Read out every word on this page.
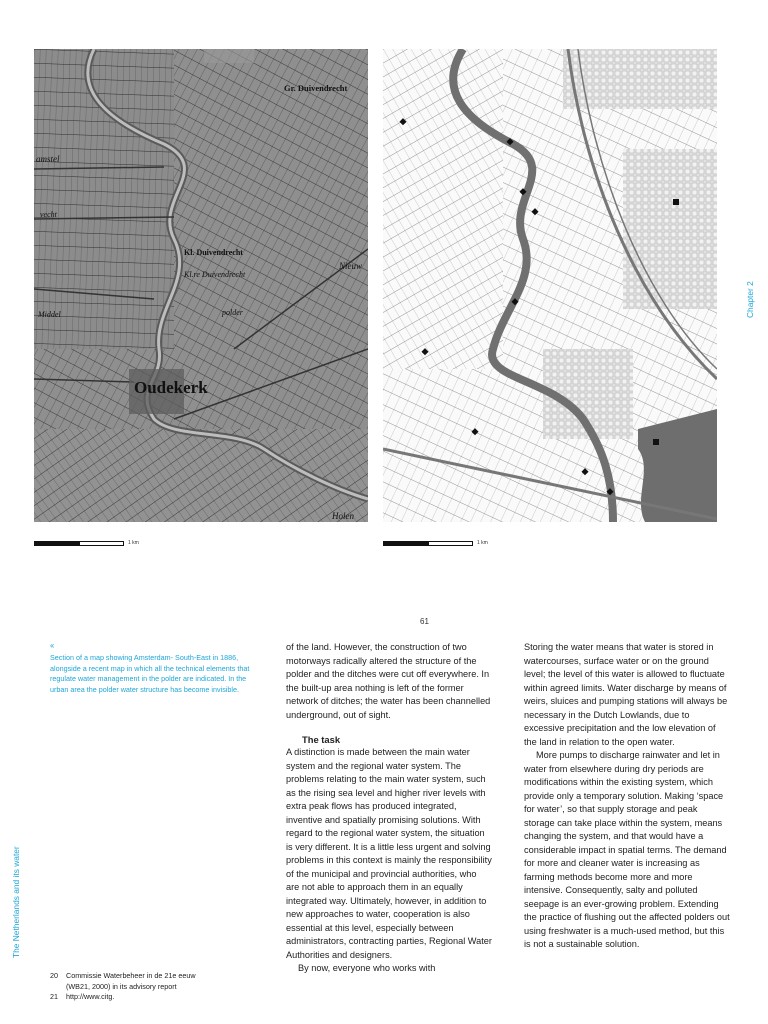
Oudekerk
Gr. Duivendrecht
Kl. Duivendrecht
Kl.re Duivendrecht
Nieuw
Middel	polder
vecht
amstel
Holen
1 km	1 km
61
‹‹
Section of a map showing Amsterdam- South-East in 1886, alongside a recent map in which all the technical elements that regulate water management in the polder are indicated. In the urban area the polder water structure has become invisible.

of the land. However, the construction of two motorways radically altered the structure of the polder and the ditches were cut off everywhere. In the built-up area nothing is left of the former network of ditches; the water has been channelled underground, out of sight.

The task

A distinction is made between the main water system and the regional water system. The problems relating to the main water system, such as the rising sea level and higher river levels with extra peak flows has produced integrated, inventive and spatially promising solutions. With regard to the regional water system, the situation is very different. It is a little less urgent and solving problems in this context is mainly the responsibility of the municipal and provincial authorities, who are not able to approach them in an equally integrated way. Ultimately, however, in addition to new approaches to water, cooperation is also essential at this level, especially between administrators, contracting parties, Regional Water Authorities and designers.

By now, everyone who works with

Storing the water means that water is stored in watercourses, surface water or on the ground level; the level of this water is allowed to fluctuate within agreed limits. Water discharge by means of weirs, sluices and pumping stations will always be necessary in the Dutch Lowlands, due to excessive precipitation and the low elevation of the land in relation to the open water.

More pumps to discharge rainwater and let in water from elsewhere during dry periods are modifications within the existing system, which provide only a temporary solution. Making ‘space for water’, so that supply storage and peak storage can take place within the system, means changing the system, and that would have a considerable impact in spatial terms. The demand for more and cleaner water is increasing as farming methods become more and more intensive. Consequently, salty and polluted seepage is an ever-growing problem. Extending the practice of flushing out the affected polders out using freshwater is a much-used method, but this is not a sustainable solution.

20	Commissie Waterbeheer in de 21e eeuw (WB21, 2000) in its advisory report
21	http://www.citg.
Chapter 2
The Netherlands and its water
